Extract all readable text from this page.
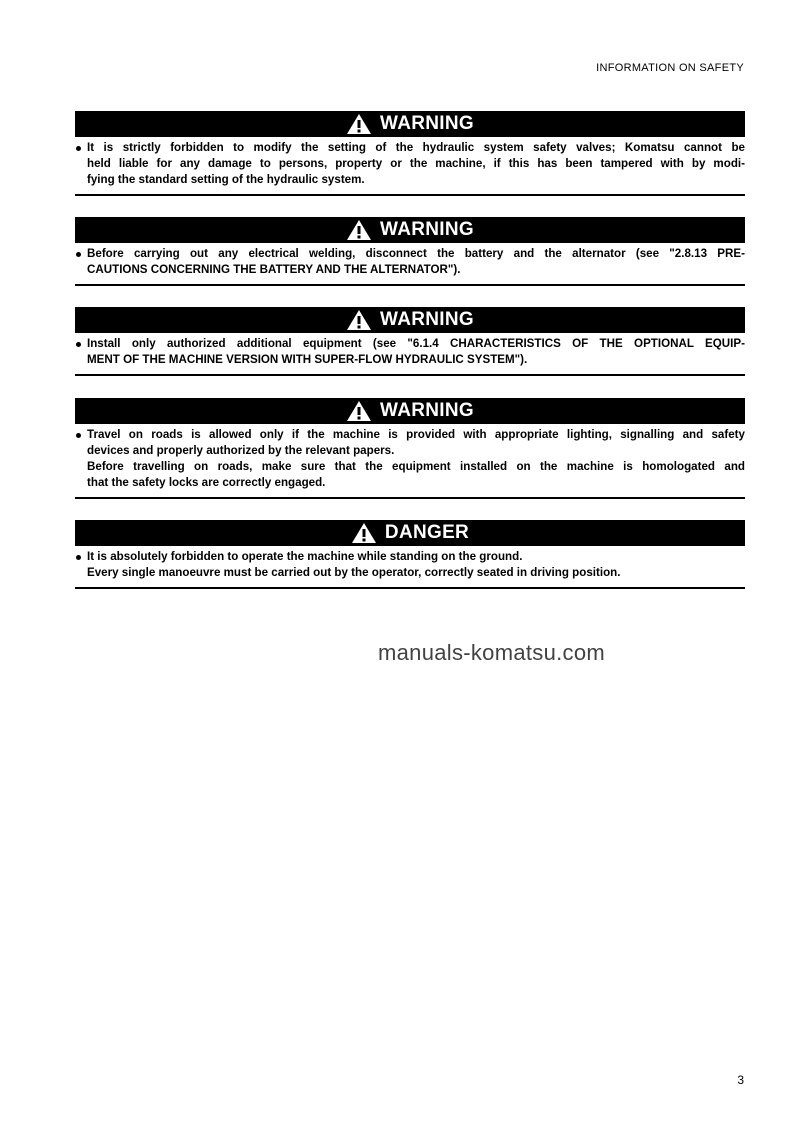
INFORMATION ON SAFETY
WARNING
It is strictly forbidden to modify the setting of the hydraulic system safety valves; Komatsu cannot be
held liable for any damage to persons, property or the machine, if this has been tampered with by modi-
fying the standard setting of the hydraulic system.
WARNING
Before carrying out any electrical welding, disconnect the battery and the alternator (see "2.8.13 PRE-
CAUTIONS CONCERNING THE BATTERY AND THE ALTERNATOR").
WARNING
Install only authorized additional equipment (see "6.1.4 CHARACTERISTICS OF THE OPTIONAL EQUIP-
MENT OF THE MACHINE VERSION WITH SUPER-FLOW HYDRAULIC SYSTEM").
WARNING
Travel on roads is allowed only if the machine is provided with appropriate lighting, signalling and safety
devices and properly authorized by the relevant papers.
Before travelling on roads, make sure that the equipment installed on the machine is homologated and
that the safety locks are correctly engaged.
DANGER
It is absolutely forbidden to operate the machine while standing on the ground.
Every single manoeuvre must be carried out by the operator, correctly seated in driving position.
manuals-komatsu.com
3
